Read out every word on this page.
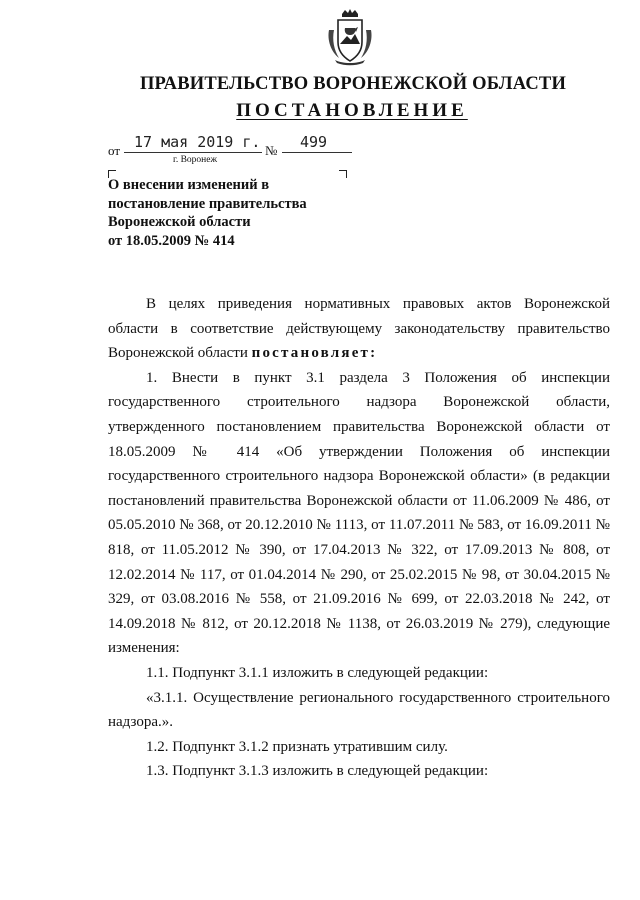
ПРАВИТЕЛЬСТВО ВОРОНЕЖСКОЙ ОБЛАСТИ
ПОСТАНОВЛЕНИЕ
от 17 мая 2019 г. № 499
г. Воронеж
О внесении изменений в
постановление правительства
Воронежской области
от 18.05.2009 № 414

В целях приведения нормативных правовых актов Воронежской области в соответствие действующему законодательству правительство Воронежской области постановляет:

1. Внести в пункт 3.1 раздела 3 Положения об инспекции государственного строительного надзора Воронежской области, утвержденного постановлением правительства Воронежской области от 18.05.2009 № 414 «Об утверждении Положения об инспекции государственного строительного надзора Воронежской области» (в редакции постановлений правительства Воронежской области от 11.06.2009 № 486, от 05.05.2010 № 368, от 20.12.2010 № 1113, от 11.07.2011 № 583, от 16.09.2011 № 818, от 11.05.2012 № 390, от 17.04.2013 № 322, от 17.09.2013 № 808, от 12.02.2014 № 117, от 01.04.2014 № 290, от 25.02.2015 № 98, от 30.04.2015 № 329, от 03.08.2016 № 558, от 21.09.2016 № 699, от 22.03.2018 № 242, от 14.09.2018 № 812, от 20.12.2018 № 1138, от 26.03.2019 № 279), следующие изменения:

1.1. Подпункт 3.1.1 изложить в следующей редакции:

«3.1.1. Осуществление регионального государственного строительного надзора.».

1.2. Подпункт 3.1.2 признать утратившим силу.

1.3. Подпункт 3.1.3 изложить в следующей редакции:
